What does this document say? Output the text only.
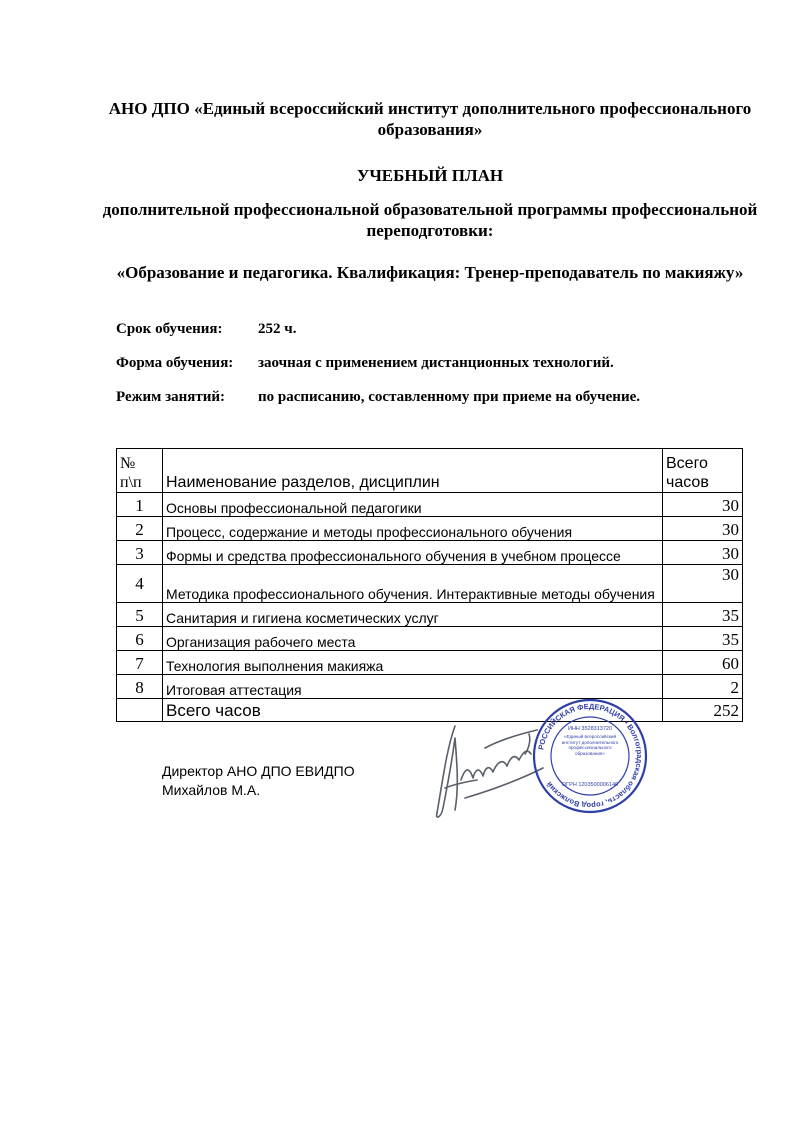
АНО ДПО «Единый всероссийский институт дополнительного профессионального образования»
УЧЕБНЫЙ ПЛАН
дополнительной профессиональной образовательной программы профессиональной переподготовки:
«Образование и педагогика. Квалификация: Тренер-преподаватель по макияжу»
Срок обучения: 252 ч.
Форма обучения: заочная с применением дистанционных технологий.
Режим занятий: по расписанию, составленному при приеме на обучение.
№ п\п	Наименование разделов, дисциплин	Всего часов
1	Основы профессиональной педагогики	30
2	Процесс, содержание и методы профессионального обучения	30
3	Формы и средства профессионального обучения в учебном процессе	30
4	Методика профессионального обучения. Интерактивные методы обучения	30
5	Санитария и гигиена косметических услуг	35
6	Организация рабочего места	35
7	Технология выполнения макияжа	60
8	Итоговая аттестация	2
	Всего часов	252
Директор АНО ДПО ЕВИДПО
Михайлов М.А.
РОССИЙСКАЯ ФЕДЕРАЦИЯ • Волгоградская область, город Волжский
ИНН 3528313720
«Единый всероссийский институт дополнительного профессионального образования»
ОГРН 1203500006146
